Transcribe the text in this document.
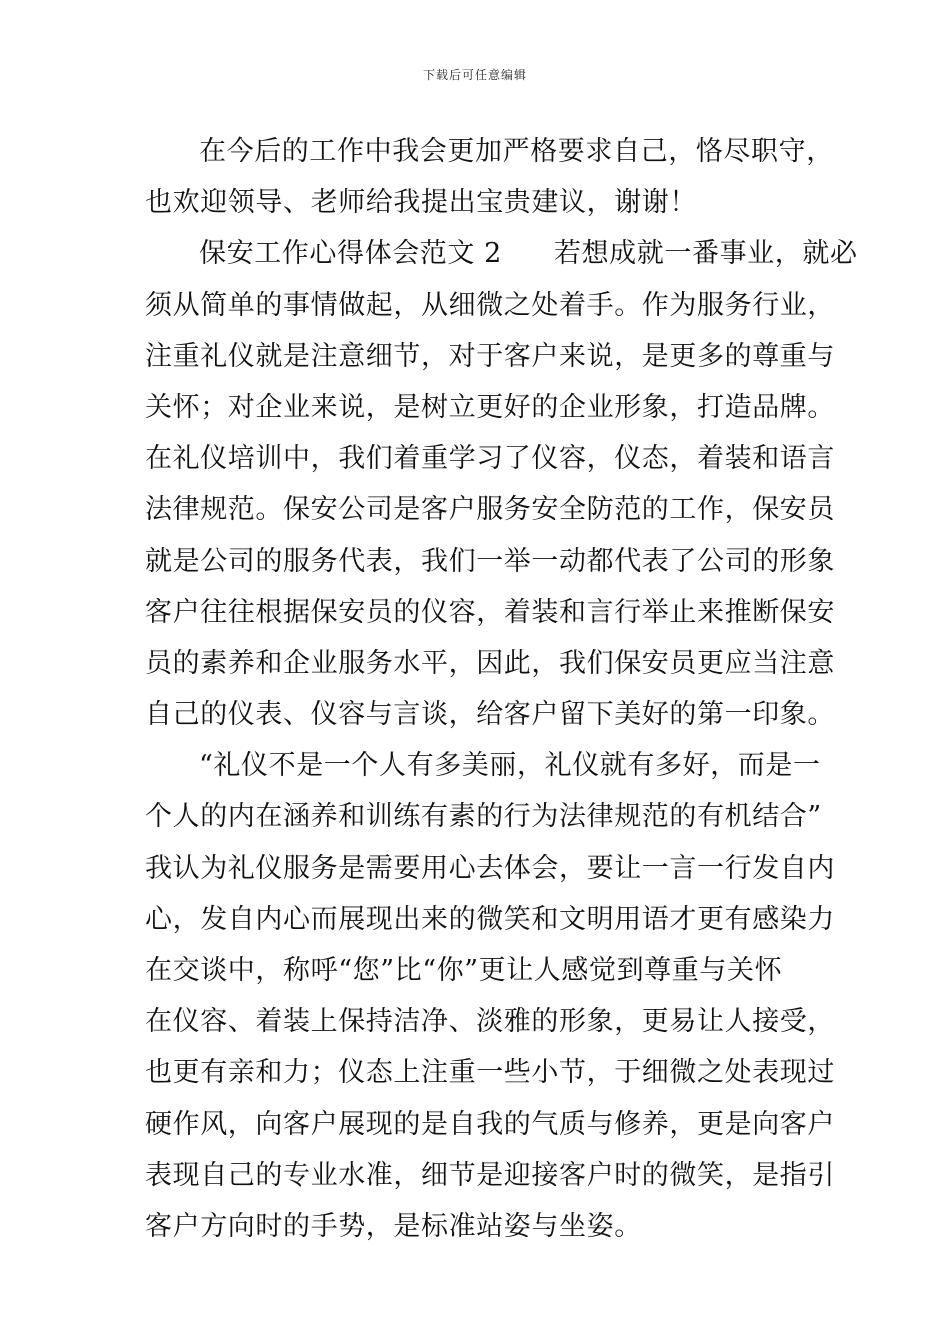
下载后可任意编辑
在今后的工作中我会更加严格要求自己，恪尽职守，
也欢迎领导、老师给我提出宝贵建议，谢谢！
保安工作心得体会范文 2 若想成就一番事业，就必
须从简单的事情做起，从细微之处着手。作为服务行业，
注重礼仪就是注意细节，对于客户来说，是更多的尊重与
关怀；对企业来说，是树立更好的企业形象，打造品牌。
在礼仪培训中，我们着重学习了仪容，仪态，着装和语言
法律规范。保安公司是客户服务安全防范的工作，保安员
就是公司的服务代表，我们一举一动都代表了公司的形象
客户往往根据保安员的仪容，着装和言行举止来推断保安
员的素养和企业服务水平，因此，我们保安员更应当注意
自己的仪表、仪容与言谈，给客户留下美好的第一印象。
“礼仪不是一个人有多美丽，礼仪就有多好，而是一
个人的内在涵养和训练有素的行为法律规范的有机结合”
我认为礼仪服务是需要用心去体会，要让一言一行发自内
心，发自内心而展现出来的微笑和文明用语才更有感染力
在交谈中，称呼“您”比“你”更让人感觉到尊重与关怀
在仪容、着装上保持洁净、淡雅的形象，更易让人接受，
也更有亲和力；仪态上注重一些小节，于细微之处表现过
硬作风，向客户展现的是自我的气质与修养，更是向客户
表现自己的专业水准，细节是迎接客户时的微笑，是指引
客户方向时的手势，是标准站姿与坐姿。
